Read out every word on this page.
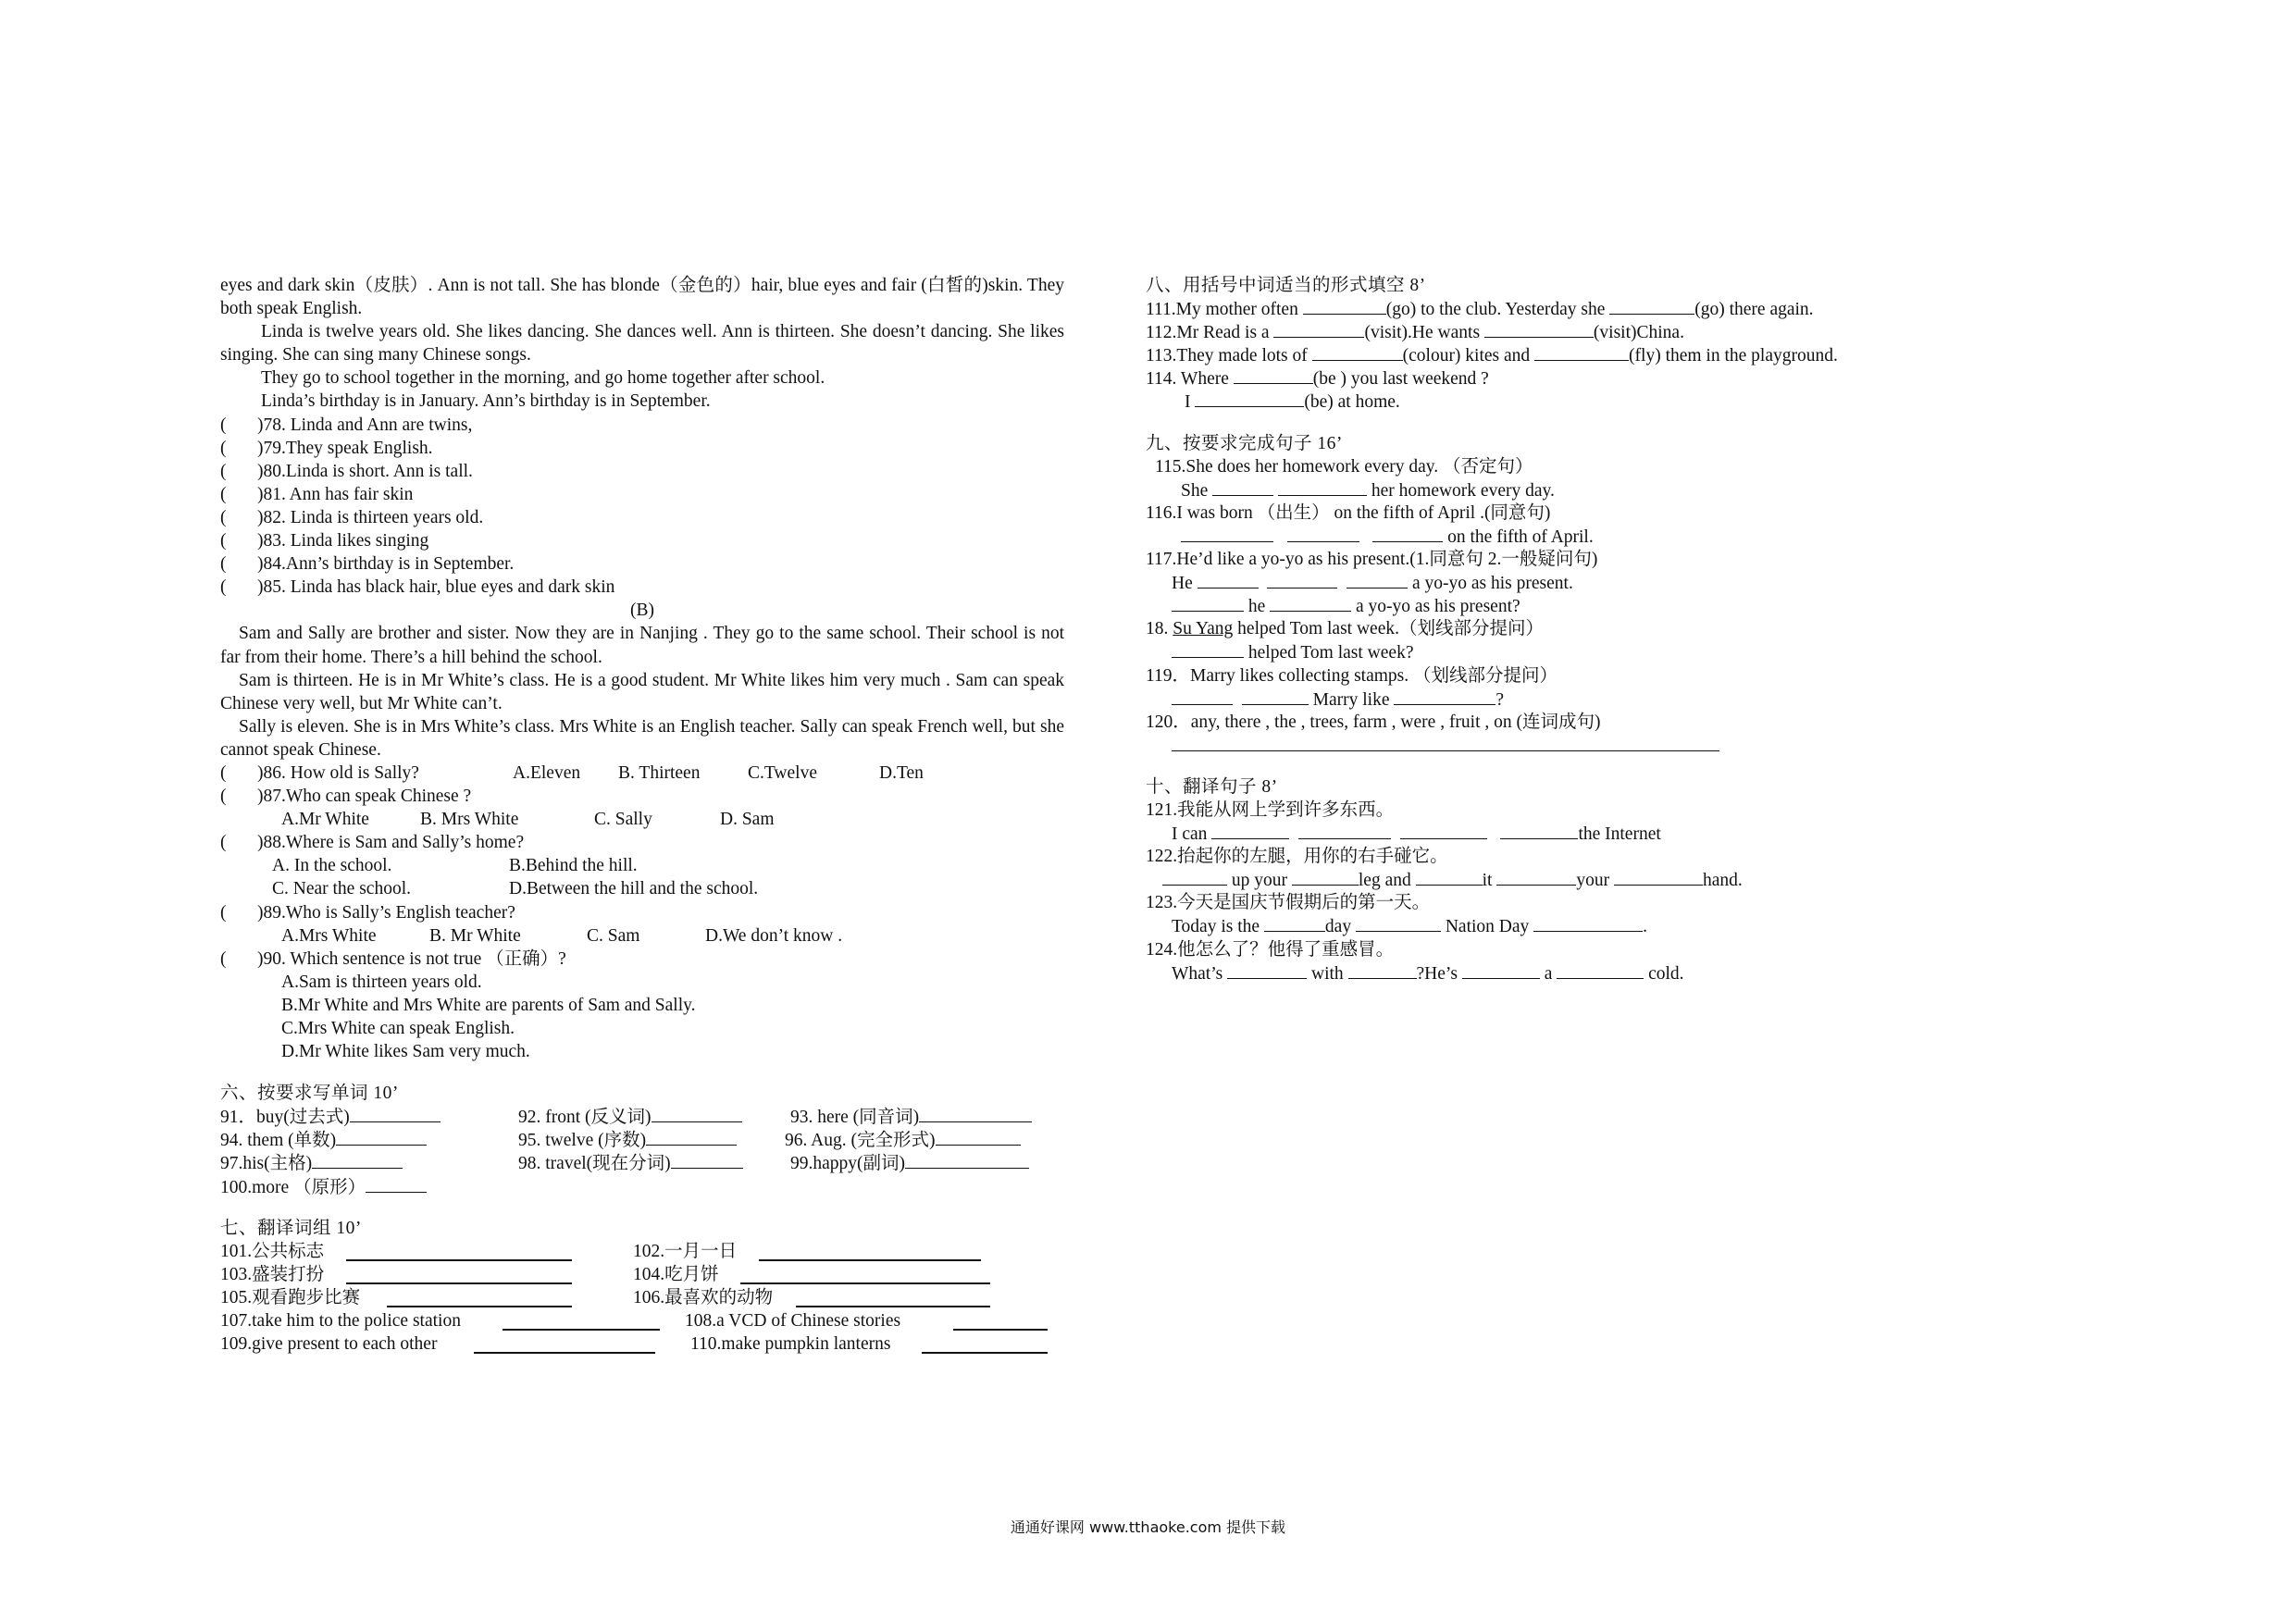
eyes and dark skin（皮肤）. Ann is not tall. She has blonde（金色的）hair, blue eyes and fair (白皙的)skin. They both speak English.
Linda is twelve years old. She likes dancing. She dances well. Ann is thirteen. She doesn’t dancing. She likes singing. She can sing many Chinese songs.
They go to school together in the morning, and go home together after school.
Linda’s birthday is in January. Ann’s birthday is in September.
( )78. Linda and Ann are twins,
( )79.They speak English.
( )80.Linda is short. Ann is tall.
( )81. Ann has fair skin
( )82. Linda is thirteen years old.
( )83. Linda likes singing
( )84.Ann’s birthday is in September.
( )85. Linda has black hair, blue eyes and dark skin
(B)
Sam and Sally are brother and sister. Now they are in Nanjing . They go to the same school. Their school is not far from their home. There’s a hill behind the school.
Sam is thirteen. He is in Mr White’s class. He is a good student. Mr White likes him very much . Sam can speak Chinese very well, but Mr White can’t.
Sally is eleven. She is in Mrs White’s class. Mrs White is an English teacher. Sally can speak French well, but she cannot speak Chinese.
( )86. How old is Sally?	A.Eleven B. Thirteen	C.Twelve	D.Ten
( )87.Who can speak Chinese ?
A.Mr White	B. Mrs White	C. Sally	D. Sam
( )88.Where is Sam and Sally’s home?
A. In the school.	B.Behind the hill.
C. Near the school.	D.Between the hill and the school.
( )89.Who is Sally’s English teacher?
A.Mrs White	B. Mr White	C. Sam	D.We don’t know .
( )90. Which sentence is not true （正确）?
A.Sam is thirteen years old.
B.Mr White and Mrs White are parents of Sam and Sally.
C.Mrs White can speak English.
D.Mr White likes Sam very much.
六、按要求写单词 10’
91．buy(过去式)	92. front (反义词)	93. here (同音词)
94. them (单数)	95. twelve (序数)	96. Aug. (完全形式)
97.his(主格)	98. travel(现在分词)	99.happy(副词)
100.more （原形）
七、翻译词组 10’
101.公共标志	102.一月一日
103.盛装打扮	104.吃月饼
105.观看跑步比赛	106.最喜欢的动物
107.take him to the police station	108.a VCD of Chinese stories
109.give present to each other	110.make pumpkin lanterns
八、用括号中词适当的形式填空 8’
111.My mother often	(go) to the club. Yesterday she	(go) there again.
112.Mr Read is a	(visit).He wants	(visit)China.
113.They made lots of	(colour) kites and	(fly) them in the playground.
114. Where	(be ) you last weekend ?
I	(be) at home.
九、按要求完成句子 16’
115.She does her homework every day. （否定句）
She	her homework every day.
116.I was born （出生） on the fifth of April .(同意句)
on the fifth of April.
117.He’d like a yo-yo as his present.(1.同意句 2.一般疑问句)
He	a yo-yo as his present.
he	a yo-yo as his present?
18. Su Yang helped Tom last week.（划线部分提问）
helped Tom last week?
119．Marry likes collecting stamps. （划线部分提问）
Marry like	?
120．any, there , the , trees, farm , were , fruit , on (连词成句)
十、翻译句子 8’
121.我能从网上学到许多东西。
I can	the Internet
122.抬起你的左腿，用你的右手碰它。
up your	leg and	it	your	hand.
123.今天是国庆节假期后的第一天。
Today is the	day	Nation Day	.
124.他怎么了？他得了重感冒。
What’s	with	?He’s	a	cold.
通通好课网 www.tthaoke.com 提供下载
